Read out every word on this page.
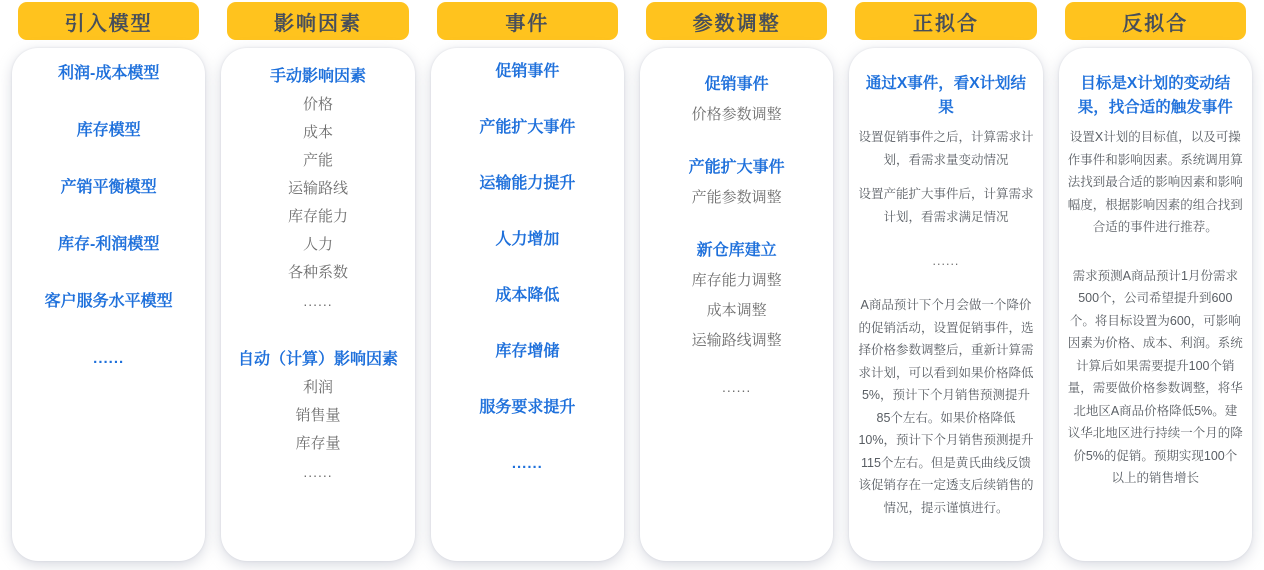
引入模型
利润-成本模型
库存模型
产销平衡模型
库存-利润模型
客户服务水平模型
......
影响因素
手动影响因素
价格
成本
产能
运输路线
库存能力
人力
各种系数
......
自动（计算）影响因素
利润
销售量
库存量
......
事件
促销事件
产能扩大事件
运输能力提升
人力增加
成本降低
库存增储
服务要求提升
......
参数调整
促销事件
价格参数调整
产能扩大事件
产能参数调整
新仓库建立
库存能力调整
成本调整
运输路线调整
......
正拟合
通过X事件，看X计划结果
设置促销事件之后，计算需求计划，看需求量变动情况
设置产能扩大事件后，计算需求计划，看需求满足情况
......
A商品预计下个月会做一个降价的促销活动，设置促销事件，选择价格参数调整后，重新计算需求计划，可以看到如果价格降低5%，预计下个月销售预测提升85个左右。如果价格降低10%，预计下个月销售预测提升115个左右。但是黄氏曲线反馈该促销存在一定透支后续销售的情况，提示谨慎进行。
反拟合
目标是X计划的变动结果，找合适的触发事件
设置X计划的目标值，以及可操作事件和影响因素。系统调用算法找到最合适的影响因素和影响幅度，根据影响因素的组合找到合适的事件进行推荐。
需求预测A商品预计1月份需求500个，公司希望提升到600个。将目标设置为600，可影响因素为价格、成本、利润。系统计算后如果需要提升100个销量，需要做价格参数调整，将华北地区A商品价格降低5%。建议华北地区进行持续一个月的降价5%的促销。预期实现100个以上的销售增长
